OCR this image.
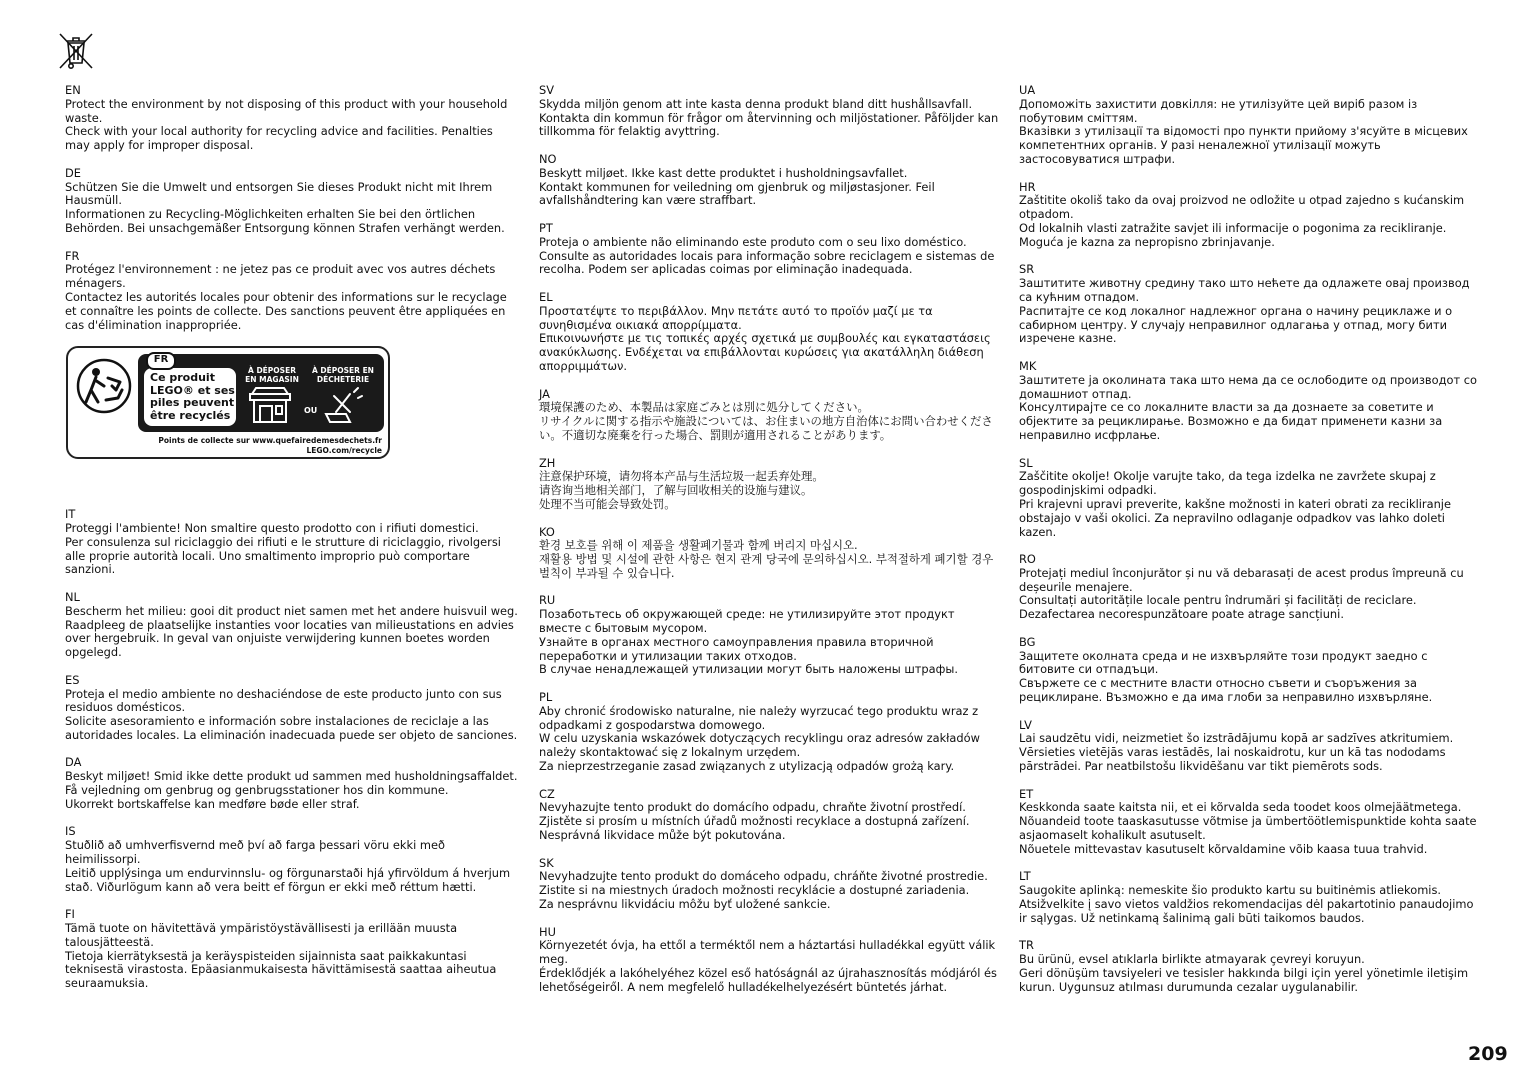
EN
Protect the environment by not disposing of this product with your household waste.
Check with your local authority for recycling advice and facilities. Penalties may apply for improper disposal.
DE
Schützen Sie die Umwelt und entsorgen Sie dieses Produkt nicht mit Ihrem Hausmüll.
Informationen zu Recycling-Möglichkeiten erhalten Sie bei den örtlichen Behörden. Bei unsachgemäßer Entsorgung können Strafen verhängt werden.
FR
Protégez l'environnement : ne jetez pas ce produit avec vos autres déchets ménagers.
Contactez les autorités locales pour obtenir des informations sur le recyclage et connaître les points de collecte. Des sanctions peuvent être appliquées en cas d'élimination inappropriée.
Ce produit LEGO® et ses piles peuvent être recyclés
FR
À DÉPOSER EN MAGASIN
À DÉPOSER EN DÉCHETERIE
OU
Points de collecte sur www.quefairedemesdechets.fr
LEGO.com/recycle
IT
Proteggi l'ambiente! Non smaltire questo prodotto con i rifiuti domestici.
Per consulenza sul riciclaggio dei rifiuti e le strutture di riciclaggio, rivolgersi alle proprie autorità locali. Uno smaltimento improprio può comportare sanzioni.
NL
Bescherm het milieu: gooi dit product niet samen met het andere huisvuil weg.
Raadpleeg de plaatselijke instanties voor locaties van milieustations en advies over hergebruik. In geval van onjuiste verwijdering kunnen boetes worden opgelegd.
ES
Proteja el medio ambiente no deshaciéndose de este producto junto con sus residuos domésticos.
Solicite asesoramiento e información sobre instalaciones de reciclaje a las autoridades locales. La eliminación inadecuada puede ser objeto de sanciones.
DA
Beskyt miljøet! Smid ikke dette produkt ud sammen med husholdningsaffaldet.
Få vejledning om genbrug og genbrugsstationer hos din kommune.
Ukorrekt bortskaffelse kan medføre bøde eller straf.
IS
Stuðlið að umhverfisvernd með því að farga þessari vöru ekki með heimilissorpi.
Leitið upplýsinga um endurvinnslu- og förgunarstaði hjá yfirvöldum á hverjum stað. Viðurlögum kann að vera beitt ef förgun er ekki með réttum hætti.
FI
Tämä tuote on hävitettävä ympäristöystävällisesti ja erillään muusta talousjätteestä.
Tietoja kierrätyksestä ja keräyspisteiden sijainnista saat paikkakuntasi teknisestä virastosta. Epäasianmukaisesta hävittämisestä saattaa aiheutua seuraamuksia.
SV
Skydda miljön genom att inte kasta denna produkt bland ditt hushållsavfall.
Kontakta din kommun för frågor om återvinning och miljöstationer. Påföljder kan tillkomma för felaktig avyttring.
NO
Beskytt miljøet. Ikke kast dette produktet i husholdningsavfallet.
Kontakt kommunen for veiledning om gjenbruk og miljøstasjoner. Feil avfallshåndtering kan være straffbart.
PT
Proteja o ambiente não eliminando este produto com o seu lixo doméstico.
Consulte as autoridades locais para informação sobre reciclagem e sistemas de recolha. Podem ser aplicadas coimas por eliminação inadequada.
EL
Προστατέψτε το περιβάλλον. Μην πετάτε αυτό το προϊόν μαζί με τα συνηθισμένα οικιακά απορρίμματα.
Επικοινωνήστε με τις τοπικές αρχές σχετικά με συμβουλές και εγκαταστάσεις ανακύκλωσης. Ενδέχεται να επιβάλλονται κυρώσεις για ακατάλληλη διάθεση απορριμμάτων.
JA
環境保護のため、本製品は家庭ごみとは別に処分してください。
リサイクルに関する指示や施設については、お住まいの地方自治体にお問い合わせください。不適切な廃棄を行った場合、罰則が適用されることがあります。
ZH
注意保护环境，请勿将本产品与生活垃圾一起丢弃处理。
请咨询当地相关部门，了解与回收相关的设施与建议。
处理不当可能会导致处罚。
KO
환경 보호를 위해 이 제품을 생활폐기물과 함께 버리지 마십시오.
재활용 방법 및 시설에 관한 사항은 현지 관계 당국에 문의하십시오. 부적절하게 폐기할 경우 벌칙이 부과될 수 있습니다.
RU
Позаботьтесь об окружающей среде: не утилизируйте этот продукт вместе с бытовым мусором.
Узнайте в органах местного самоуправления правила вторичной переработки и утилизации таких отходов.
В случае ненадлежащей утилизации могут быть наложены штрафы.
PL
Aby chronić środowisko naturalne, nie należy wyrzucać tego produktu wraz z odpadkami z gospodarstwa domowego.
W celu uzyskania wskazówek dotyczących recyklingu oraz adresów zakładów należy skontaktować się z lokalnym urzędem.
Za nieprzestrzeganie zasad związanych z utylizacją odpadów grożą kary.
CZ
Nevyhazujte tento produkt do domácího odpadu, chraňte životní prostředí.
Zjistěte si prosím u místních úřadů možnosti recyklace a dostupná zařízení.
Nesprávná likvidace může být pokutována.
SK
Nevyhadzujte tento produkt do domáceho odpadu, chráňte životné prostredie.
Zistite si na miestnych úradoch možnosti recyklácie a dostupné zariadenia.
Za nesprávnu likvidáciu môžu byť uložené sankcie.
HU
Környezetét óvja, ha ettől a terméktől nem a háztartási hulladékkal együtt válik meg.
Érdeklődjék a lakóhelyéhez közel eső hatóságnál az újrahasznosítás módjáról és lehetőségeiről. A nem megfelelő hulladékelhelyezésért büntetés járhat.
UA
Допоможіть захистити довкілля: не утилізуйте цей виріб разом із побутовим сміттям.
Вказівки з утилізації та відомості про пункти прийому з'ясуйте в місцевих компетентних органів. У разі неналежної утилізації можуть застосовуватися штрафи.
HR
Zaštitite okoliš tako da ovaj proizvod ne odložite u otpad zajedno s kućanskim otpadom.
Od lokalnih vlasti zatražite savjet ili informacije o pogonima za recikliranje.
Moguća je kazna za nepropisno zbrinjavanje.
SR
Заштитите животну средину тако што нећете да одлажете овај производ са кућним отпадом.
Распитајте се код локалног надлежног органа о начину рециклаже и о сабирном центру. У случају неправилног одлагања у отпад, могу бити изречене казне.
MK
Заштитете ја околината така што нема да се ослободите од производот со домашниот отпад.
Консултирајте се со локалните власти за да дознаете за советите и објектите за рециклирање. Возможно е да бидат применети казни за неправилно исфрлање.
SL
Zaščitite okolje! Okolje varujte tako, da tega izdelka ne zavržete skupaj z gospodinjskimi odpadki.
Pri krajevni upravi preverite, kakšne možnosti in kateri obrati za recikliranje obstajajo v vaši okolici. Za nepravilno odlaganje odpadkov vas lahko doleti kazen.
RO
Protejați mediul înconjurător și nu vă debarasați de acest produs împreună cu deșeurile menajere.
Consultați autoritățile locale pentru îndrumări și facilități de reciclare.
Dezafectarea necorespunzătoare poate atrage sancțiuni.
BG
Защитете околната среда и не изхвърляйте този продукт заедно с битовите си отпадъци.
Свържете се с местните власти относно съвети и съоръжения за рециклиране. Възможно е да има глоби за неправилно изхвърляне.
LV
Lai saudzētu vidi, neizmetiet šo izstrādājumu kopā ar sadzīves atkritumiem.
Vērsieties vietējās varas iestādēs, lai noskaidrotu, kur un kā tas nododams pārstrādei. Par neatbilstošu likvidēšanu var tikt piemērots sods.
ET
Keskkonda saate kaitsta nii, et ei kõrvalda seda toodet koos olmejäätmetega.
Nõuandeid toote taaskasutusse võtmise ja ümbertöötlemispunktide kohta saate asjaomaselt kohalikult asutuselt.
Nõuetele mittevastav kasutuselt kõrvaldamine võib kaasa tuua trahvid.
LT
Saugokite aplinką: nemeskite šio produkto kartu su buitinėmis atliekomis.
Atsižvelkite į savo vietos valdžios rekomendacijas dėl pakartotinio panaudojimo ir sąlygas. Už netinkamą šalinimą gali būti taikomos baudos.
TR
Bu ürünü, evsel atıklarla birlikte atmayarak çevreyi koruyun.
Geri dönüşüm tavsiyeleri ve tesisler hakkında bilgi için yerel yönetimle iletişim kurun. Uygunsuz atılması durumunda cezalar uygulanabilir.
209
